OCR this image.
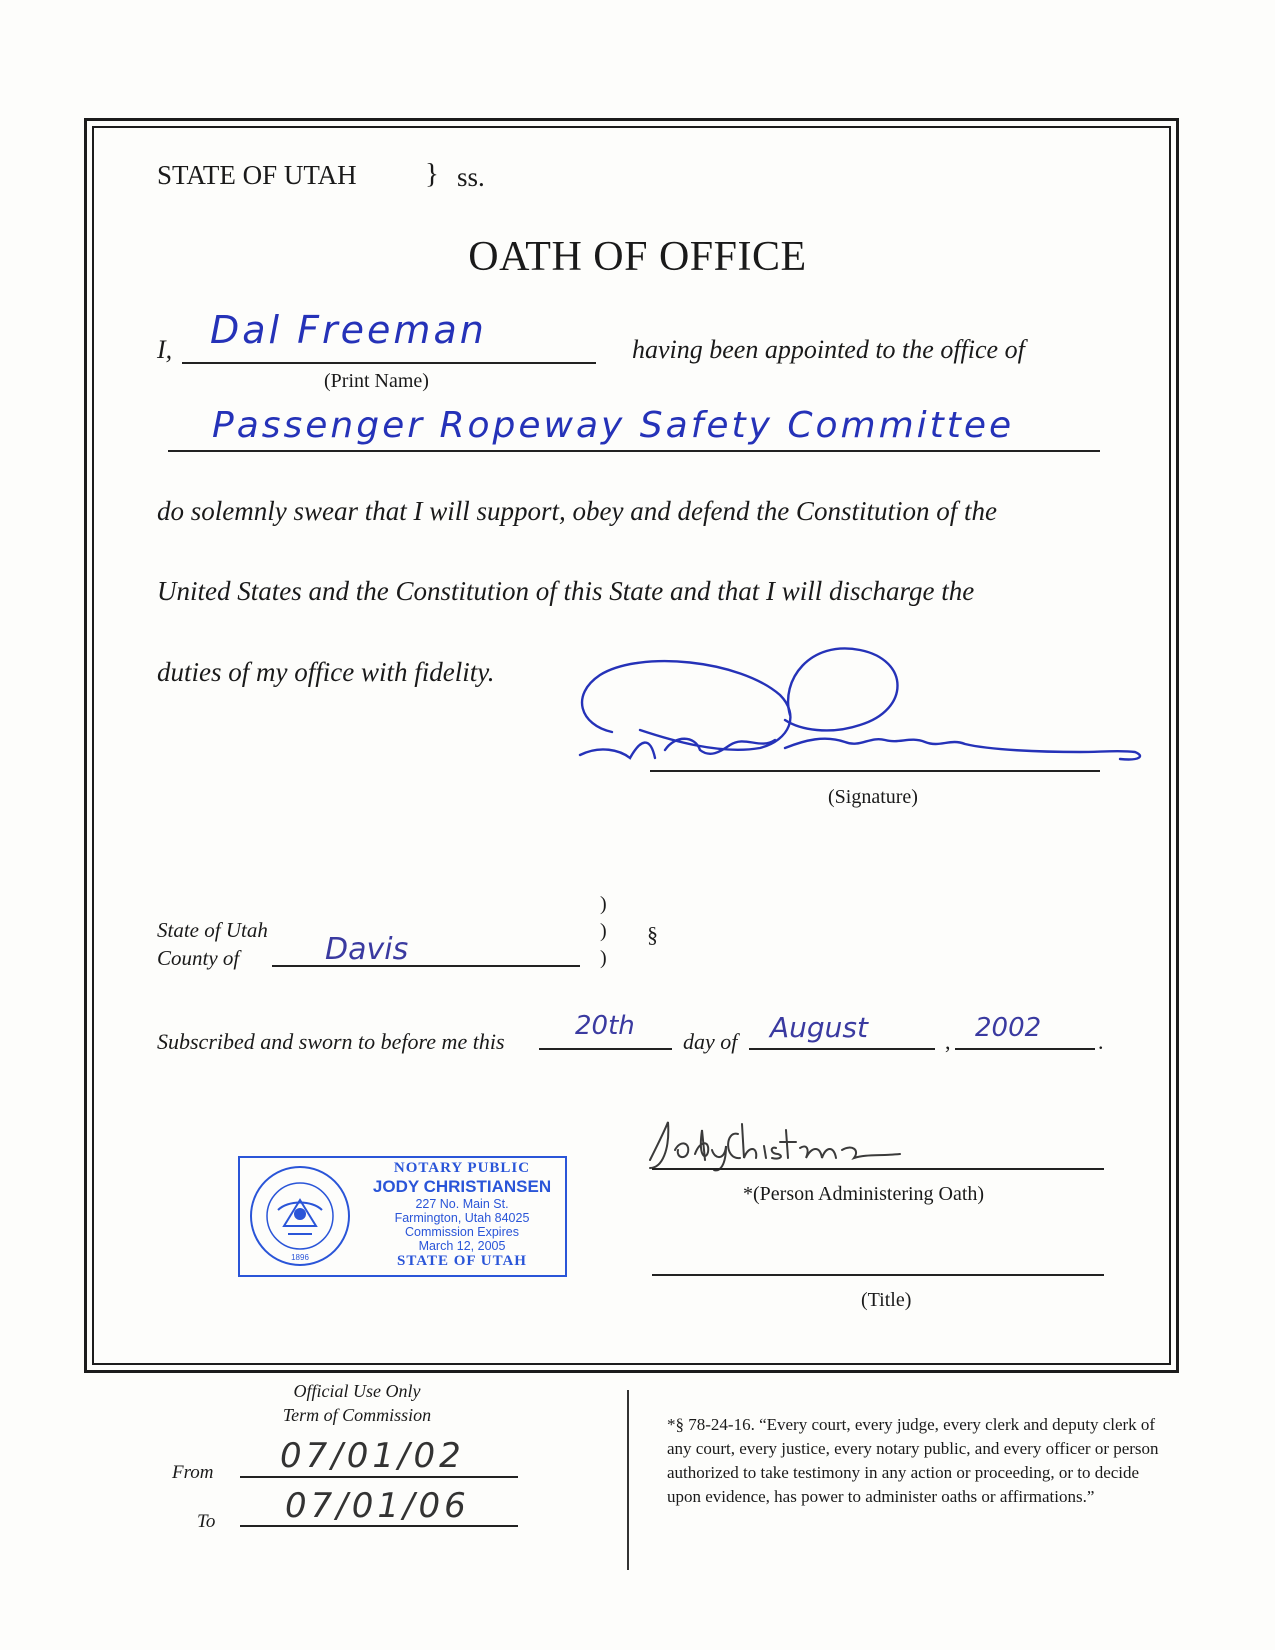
STATE OF UTAH } ss.
OATH OF OFFICE
I, Dal Freeman
(Print Name)
having been appointed to the office of
Passenger Ropeway Safety Committee
do solemnly swear that I will support, obey and defend the Constitution of the
United States and the Constitution of this State and that I will discharge the
duties of my office with fidelity.
(Signature)
State of Utah
County of	Davis
)
)
)
§
Subscribed and sworn to before me this
20th
day of August	, 2002	.
1896
NOTARY PUBLIC
JODY CHRISTIANSEN
227 No. Main St.
Farmington, Utah 84025
Commission Expires
March 12, 2005
STATE OF UTAH
*(Person Administering Oath)
(Title)
Official Use Only
Term of Commission
From 07/01/02
To 07/01/06
*§ 78-24-16. “Every court, every judge, every clerk and deputy clerk of any court, every justice, every notary public, and every officer or person authorized to take testimony in any action or proceeding, or to decide upon evidence, has power to administer oaths or affirmations.”
